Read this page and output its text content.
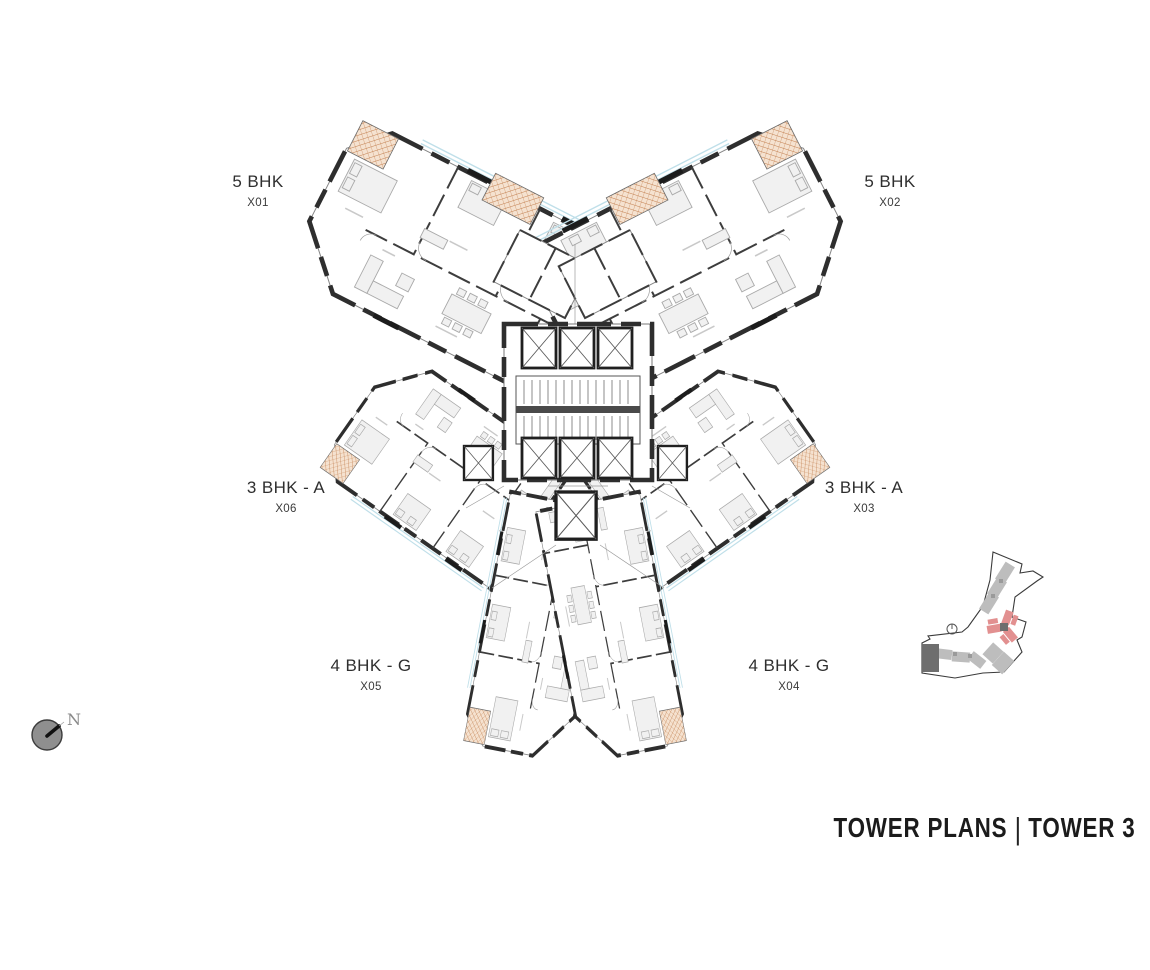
N
5 BHK
X01
5 BHK
X02
3 BHK - A
X03
4 BHK - G
X04
4 BHK - G
X05
3 BHK - A
X06
TOWER PLANS | TOWER 3
